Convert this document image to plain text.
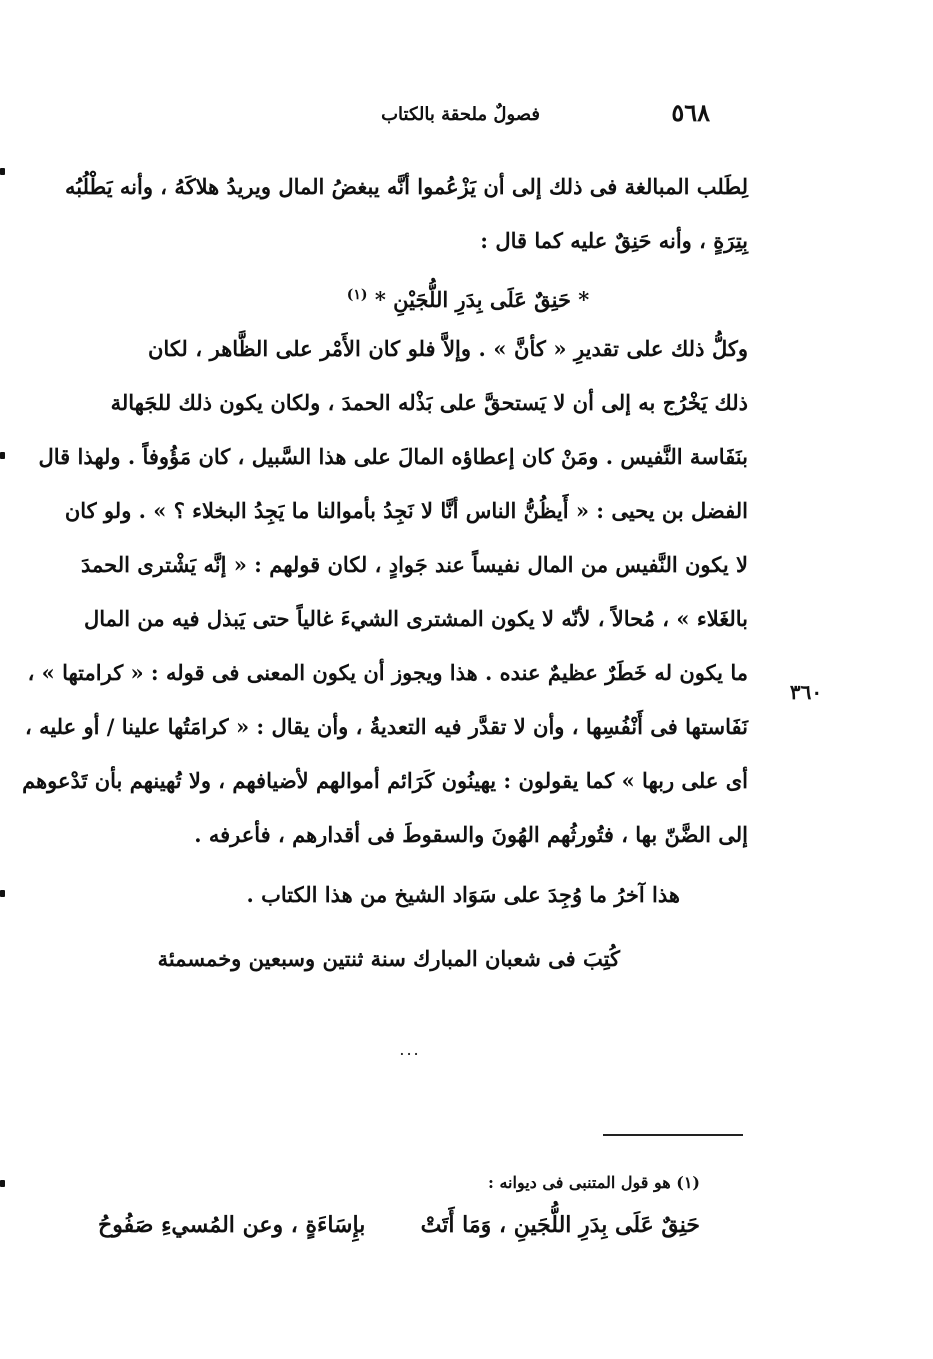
٥٦٨
فصولٌ ملحقة بالكتاب
لِطَلب المبالغة فى ذلك إلى أن يَزْعُموا أنَّه يبغضُ المال ويريدُ هلاكَهُ ، وأنه يَطْلُبُه
بِتِرَةٍ ، وأنه حَنِقٌ عليه كما قال :
* حَنِقٌ عَلَى بِدَرِ اللُّجَيْنِ * $^{(١)}$
وكلُّ ذلك على تقديرِ « كأنَّ » . وإلاَّ فلو كان الأَمْر على الظَّاهر ، لكان
ذلك يَخْرُج به إلى أن لا يَستحقَّ على بَذْله الحمدَ ، ولكان يكون ذلك للجَهالة
بنَفَاسة النَّفيس . ومَنْ كان إعطاؤه المالَ على هذا السَّبيل ، كان مَؤُوفاً . ولهذا قال
الفضل بن يحيى : « أَيظُنُّ الناس أنَّا لا نَجِدُ بأموالنا ما يَجِدُ البخلاء ؟ » . ولو كان
لا يكون النَّفيس من المال نفيساً عند جَوادٍ ، لكان قولهم : « إنَّه يَشْترى الحمدَ
بالغَلاء » ، مُحالاً ، لأنّه لا يكون المشترى الشيءَ غالياً حتى يَبذل فيه من المال
ما يكون له خَطَرٌ عظيمٌ عنده . هذا ويجوز أن يكون المعنى فى قوله : « كرامتها » ،
نَفَاستها فى أَنْفُسِها ، وأن لا تقدَّر فيه التعديةُ ، وأن يقال : « كرامَتُها علينا / أو عليه ،
أى على ربها » كما يقولون : يهينُون كَرَائم أموالهم لأضيافهم ، ولا تُهينهم بأن تَدْعوهم
إلى الضَّنّ بها ، فتُورثُهم الهُونَ والسقوطَ فى أقدارهم ، فأعرفه .
٣٦٠
هذا آخرُ ما وُجِدَ على سَوَاد الشيخ من هذا الكتاب .
كُتِبَ فى شعبان المبارك سنة ثنتين وسبعين وخمسمئة
...
(١) هو قول المتنبى فى ديوانه :
حَنِقٌ عَلَى بِدَرِ اللُّجَينِ ، وَمَا أَتَتْ  بإِسَاءَةٍ ، وعن المُسيءِ صَفُوحُ
